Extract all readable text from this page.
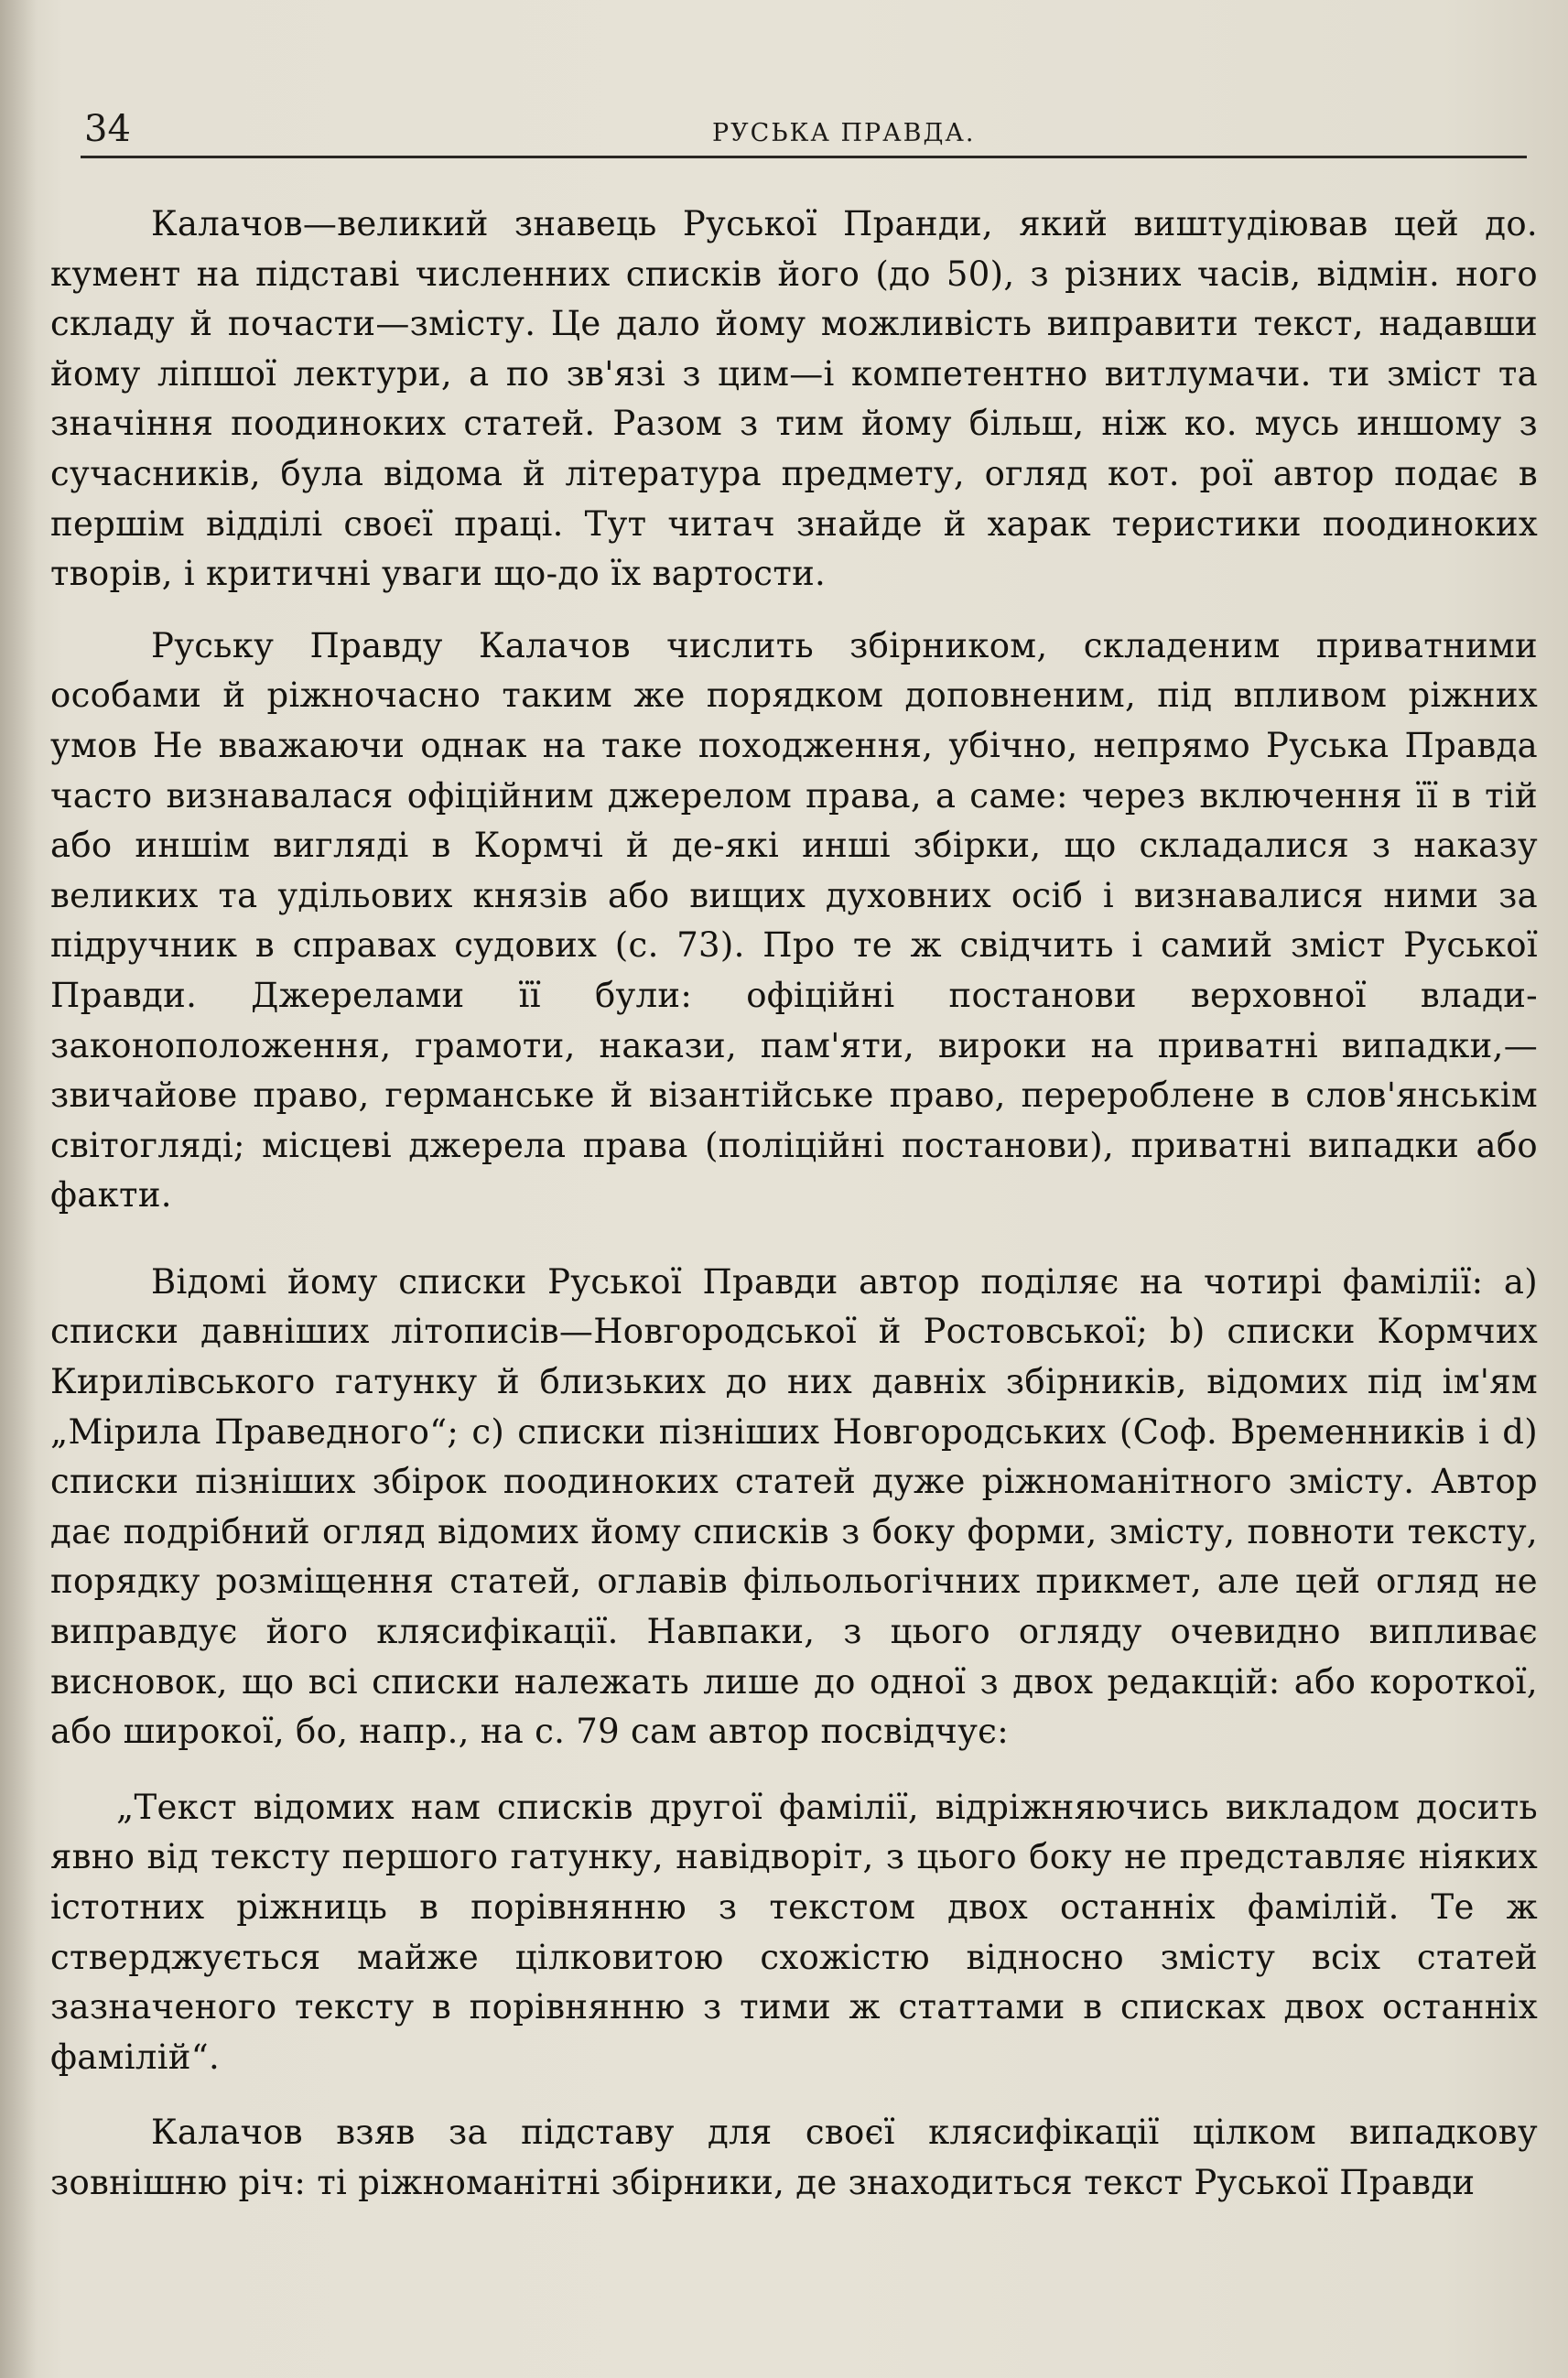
34	РУСЬКА ПРАВДА.

Калачов—великий знавець Руської Пранди, який виштудіював цей до. кумент на підставі численних списків його (до 50), з різних часів, відмін. ного складу й почасти—змісту. Це дало йому можливість виправити текст, надавши йому ліпшої лектури, а по зв'язі з цим—і компетентно витлумачи. ти зміст та значіння поодиноких статей. Разом з тим йому більш, ніж ко. мусь иншому з сучасників, була відома й література предмету, огляд кот. рої автор подає в першім відділі своєї праці. Тут читач знайде й харак теристики поодиноких творів, і критичні уваги що-до їх вартости.

Руську Правду Калачов числить збірником, складеним приватними особами й ріжночасно таким же порядком доповненим, під впливом ріжних умов Не вважаючи однак на таке походження, убічно, непрямо Руська Правда часто визнавалася офіційним джерелом права, а саме: через включення її в тій або иншім вигляді в Кормчі й де-які инші збірки, що складалися з наказу великих та удільових князів або вищих духовних осіб і визнавалися ними за підручник в справах судових (с. 73). Про те ж свідчить і самий зміст Руської Правди. Джерелами її були: офіційні постанови верховної влади-законоположення, грамоти, накази, пам'яти, вироки на приватні випадки,—звичайове право, германське й візантійське право, перероблене в слов'янськім світогляді; місцеві джерела права (поліційні постанови), приватні випадки або факти.

Відомі йому списки Руської Правди автор поділяє на чотирі фамілії: а) списки давніших літописів—Новгородської й Ростовської; b) списки Кормчих Кирилівського гатунку й близьких до них давніх збірників, відомих під ім'ям „Мірила Праведного“; с) списки пізніших Новгородських (Соф. Временників і d) списки пізніших збірок поодиноких статей дуже ріжноманітного змісту. Автор дає подрібний огляд відомих йому списків з боку форми, змісту, повноти тексту, порядку розміщення статей, оглавів фільольогічних прикмет, але цей огляд не виправдує його клясифікації. Навпаки, з цього огляду очевидно випливає висновок, що всі списки належать лише до одної з двох редакцій: або короткої, або широкої, бо, напр., на с. 79 сам автор посвідчує:

„Текст відомих нам списків другої фамілії, відріжняючись викладом досить явно від тексту першого гатунку, навідворіт, з цього боку не представляє ніяких істотних ріжниць в порівнянню з текстом двох останніх фамілій. Те ж стверджується майже цілковитою схожістю відносно змісту всіх статей зазначеного тексту в порівнянню з тими ж статтами в списках двох останніх фамілій“.

Калачов взяв за підставу для своєї клясифікації цілком випадкову зовнішню річ: ті ріжноманітні збірники, де знаходиться текст Руської Правди
